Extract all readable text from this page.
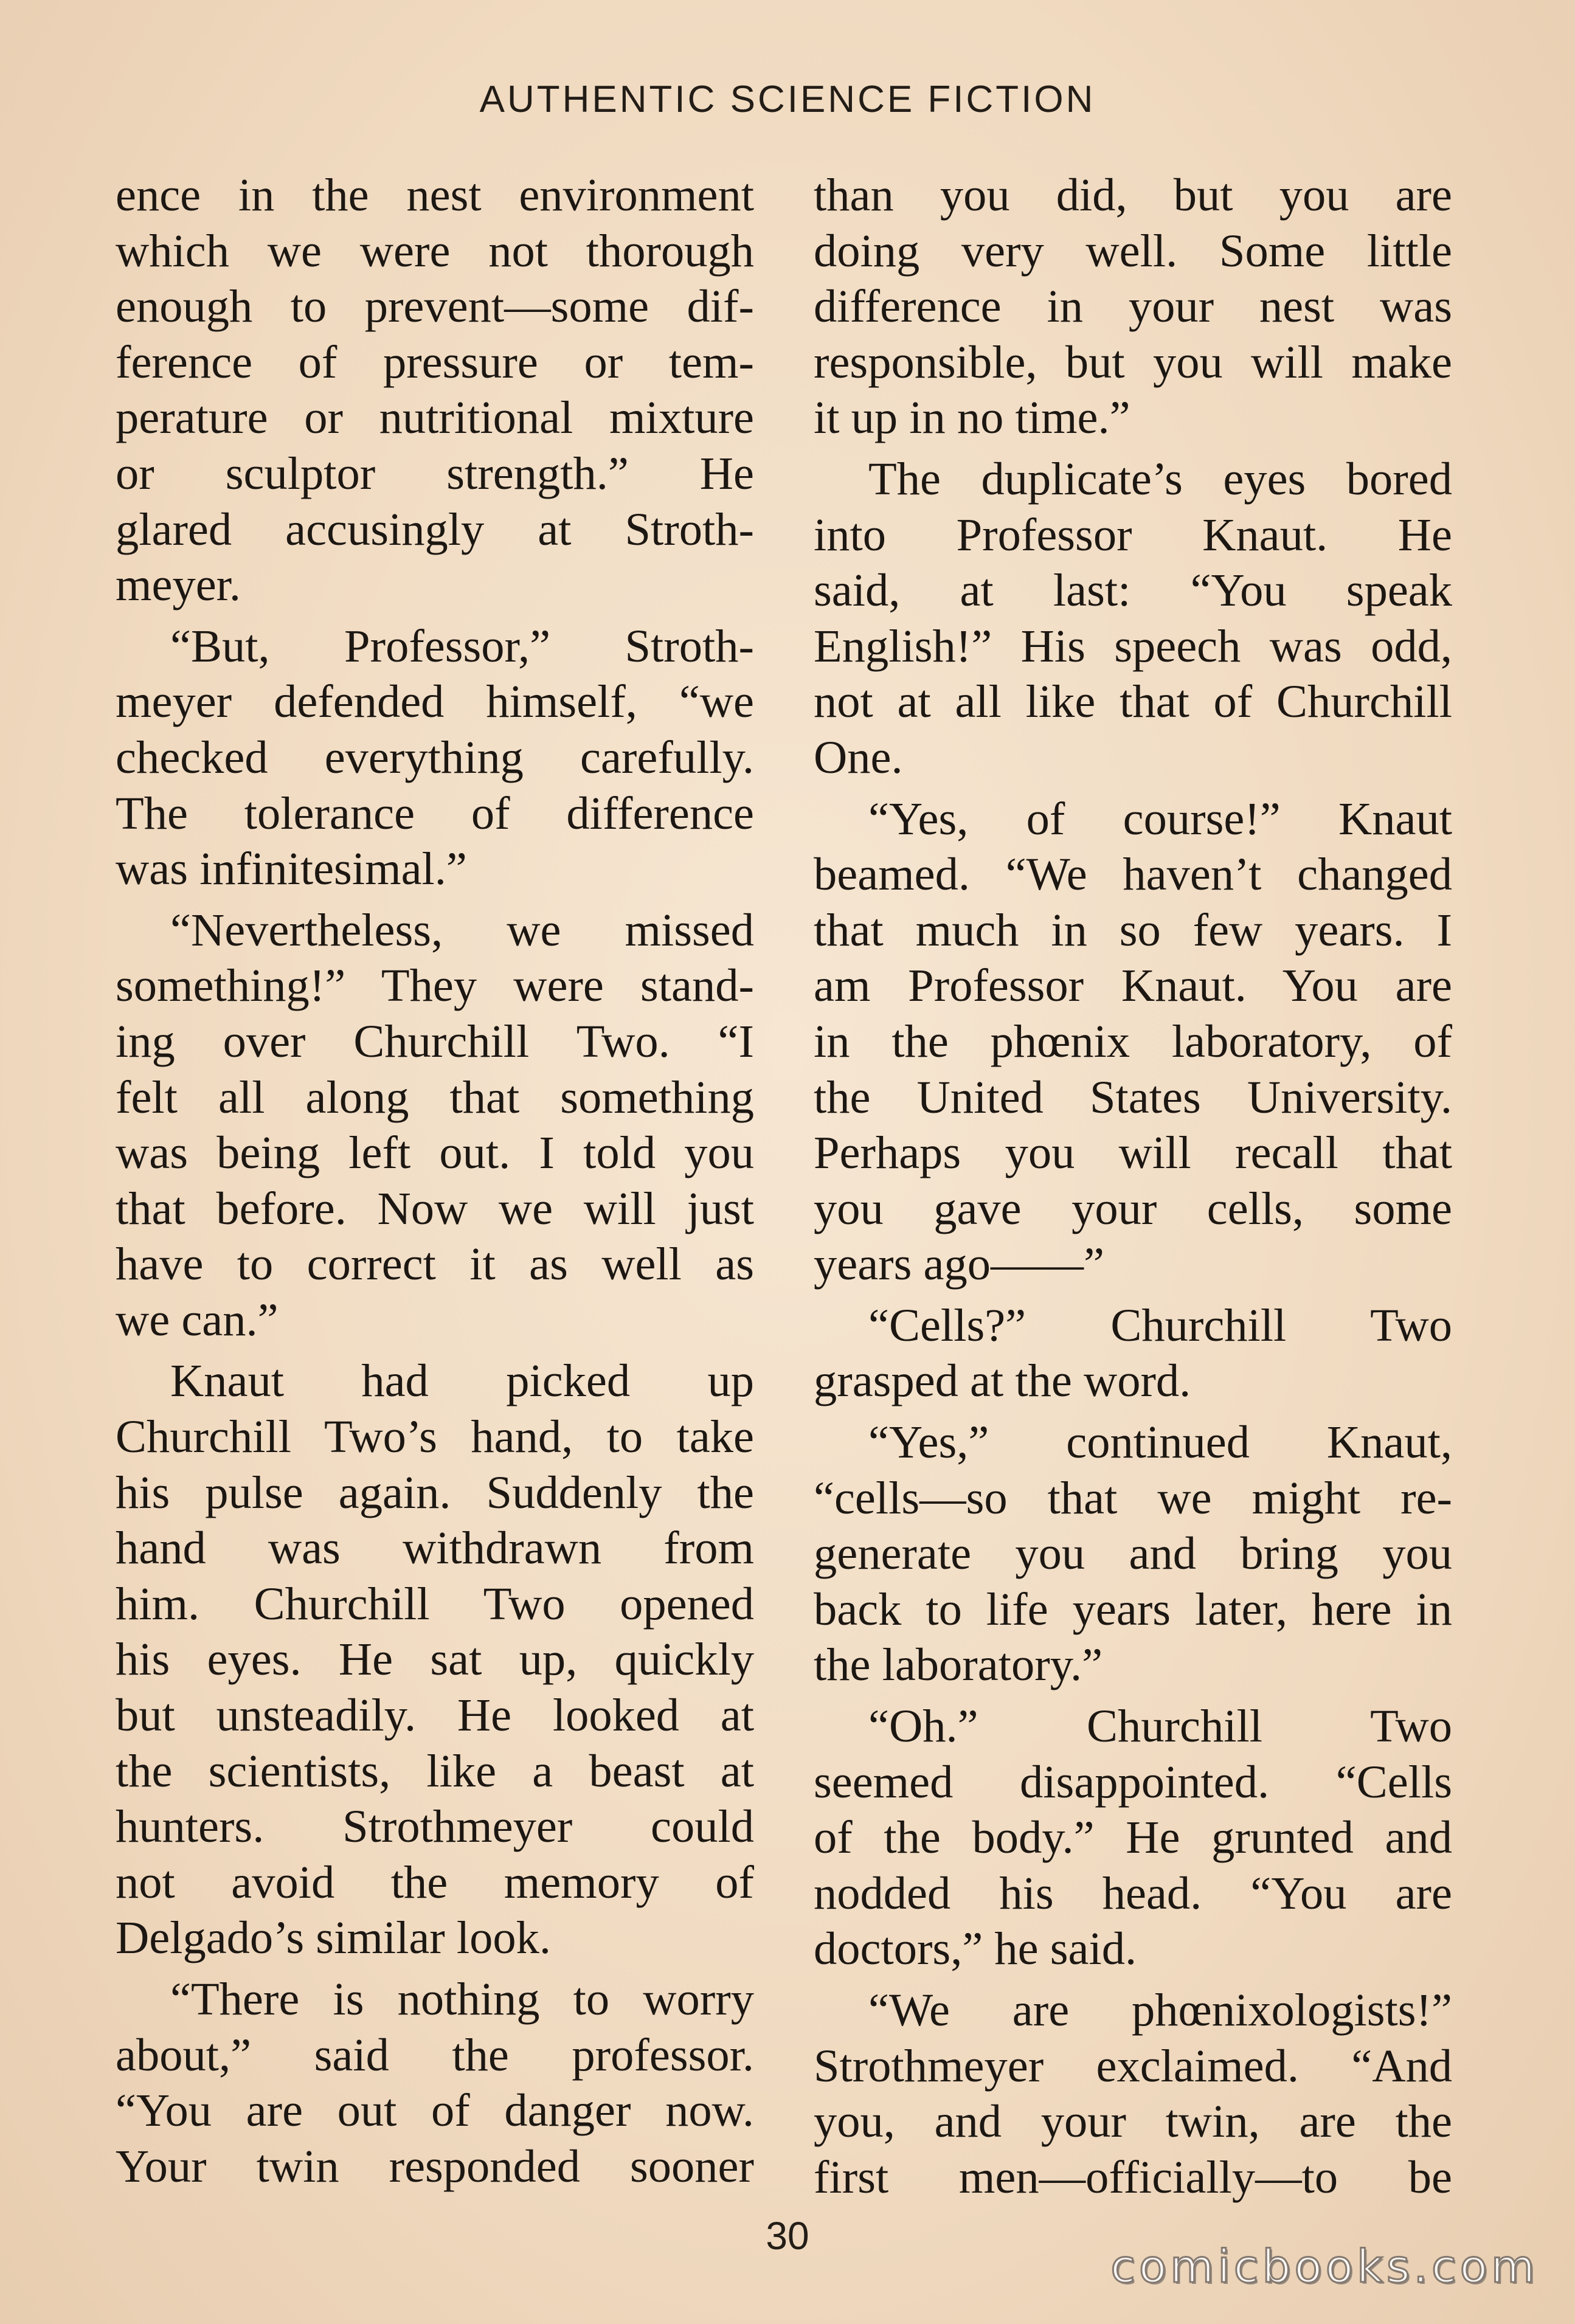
AUTHENTIC SCIENCE FICTION
ence in the nest environment
which we were not thorough
enough to prevent—some dif-
ference of pressure or tem-
perature or nutritional mixture
or sculptor strength.” He
glared accusingly at Stroth-
meyer.
“But, Professor,” Stroth-
meyer defended himself, “we
checked everything carefully.
The tolerance of difference
was infinitesimal.”
“Nevertheless, we missed
something!” They were stand-
ing over Churchill Two. “I
felt all along that something
was being left out. I told you
that before. Now we will just
have to correct it as well as
we can.”
Knaut had picked up
Churchill Two’s hand, to take
his pulse again. Suddenly the
hand was withdrawn from
him. Churchill Two opened
his eyes. He sat up, quickly
but unsteadily. He looked at
the scientists, like a beast at
hunters. Strothmeyer could
not avoid the memory of
Delgado’s similar look.
“There is nothing to worry
about,” said the professor.
“You are out of danger now.
Your twin responded sooner
than you did, but you are
doing very well. Some little
difference in your nest was
responsible, but you will make
it up in no time.”
The duplicate’s eyes bored
into Professor Knaut. He
said, at last: “You speak
English!” His speech was odd,
not at all like that of Churchill
One.
“Yes, of course!” Knaut
beamed. “We haven’t changed
that much in so few years. I
am Professor Knaut. You are
in the phœnix laboratory, of
the United States University.
Perhaps you will recall that
you gave your cells, some
years ago——”
“Cells?” Churchill Two
grasped at the word.
“Yes,” continued Knaut,
“cells—so that we might re-
generate you and bring you
back to life years later, here in
the laboratory.”
“Oh.” Churchill Two
seemed disappointed. “Cells
of the body.” He grunted and
nodded his head. “You are
doctors,” he said.
“We are phœnixologists!”
Strothmeyer exclaimed. “And
you, and your twin, are the
first men—officially—to be
30
comicbooks.com
